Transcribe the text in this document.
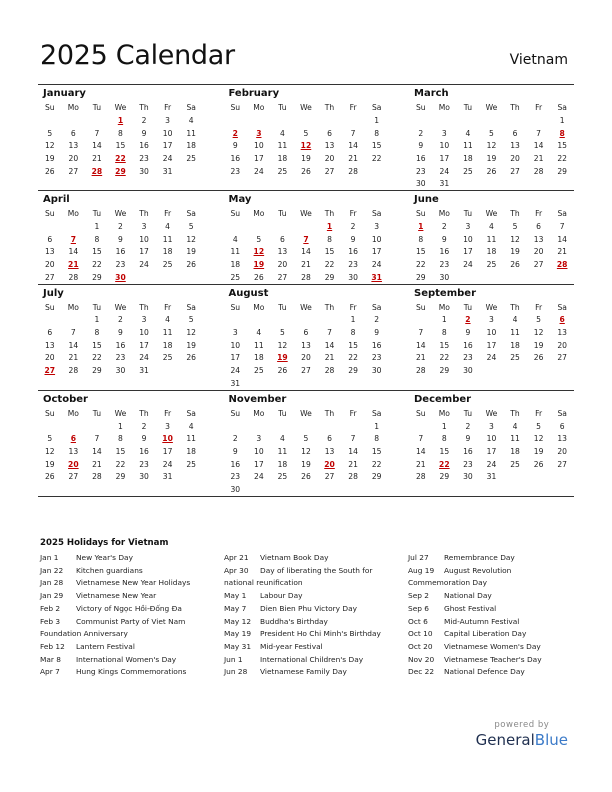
2025 Calendar	Vietnam
January
Su	Mo	Tu	We	Th	Fr	Sa
			1	2	3	4
5	6	7	8	9	10	11
12	13	14	15	16	17	18
19	20	21	22	23	24	25
26	27	28	29	30	31	
February
Su	Mo	Tu	We	Th	Fr	Sa
						1
2	3	4	5	6	7	8
9	10	11	12	13	14	15
16	17	18	19	20	21	22
23	24	25	26	27	28	
March
Su	Mo	Tu	We	Th	Fr	Sa
						1
2	3	4	5	6	7	8
9	10	11	12	13	14	15
16	17	18	19	20	21	22
23	24	25	26	27	28	29
30	31					
April
Su	Mo	Tu	We	Th	Fr	Sa
		1	2	3	4	5
6	7	8	9	10	11	12
13	14	15	16	17	18	19
20	21	22	23	24	25	26
27	28	29	30			
May
Su	Mo	Tu	We	Th	Fr	Sa
				1	2	3
4	5	6	7	8	9	10
11	12	13	14	15	16	17
18	19	20	21	22	23	24
25	26	27	28	29	30	31
June
Su	Mo	Tu	We	Th	Fr	Sa
1	2	3	4	5	6	7
8	9	10	11	12	13	14
15	16	17	18	19	20	21
22	23	24	25	26	27	28
29	30					
July
Su	Mo	Tu	We	Th	Fr	Sa
		1	2	3	4	5
6	7	8	9	10	11	12
13	14	15	16	17	18	19
20	21	22	23	24	25	26
27	28	29	30	31		
August
Su	Mo	Tu	We	Th	Fr	Sa
					1	2
3	4	5	6	7	8	9
10	11	12	13	14	15	16
17	18	19	20	21	22	23
24	25	26	27	28	29	30
31						
September
Su	Mo	Tu	We	Th	Fr	Sa
	1	2	3	4	5	6
7	8	9	10	11	12	13
14	15	16	17	18	19	20
21	22	23	24	25	26	27
28	29	30				
October
Su	Mo	Tu	We	Th	Fr	Sa
			1	2	3	4
5	6	7	8	9	10	11
12	13	14	15	16	17	18
19	20	21	22	23	24	25
26	27	28	29	30	31	
November
Su	Mo	Tu	We	Th	Fr	Sa
						1
2	3	4	5	6	7	8
9	10	11	12	13	14	15
16	17	18	19	20	21	22
23	24	25	26	27	28	29
30						
December
Su	Mo	Tu	We	Th	Fr	Sa
	1	2	3	4	5	6
7	8	9	10	11	12	13
14	15	16	17	18	19	20
21	22	23	24	25	26	27
28	29	30	31			
2025 Holidays for Vietnam
Jan 1	New Year's Day
Jan 22	Kitchen guardians
Jan 28	Vietnamese New Year Holidays
Jan 29	Vietnamese New Year
Feb 2	Victory of Ngọc Hồi-Đống Đa
Feb 3 Communist Party of Viet Nam Foundation Anniversary
Feb 12	Lantern Festival
Mar 8	International Women's Day
Apr 7	Hung Kings Commemorations
Apr 21	Vietnam Book Day
Apr 30 Day of liberating the South for national reunification
May 1	Labour Day
May 7	Dien Bien Phu Victory Day
May 12	Buddha's Birthday
May 19	President Ho Chi Minh's Birthday
May 31	Mid-year Festival
Jun 1	International Children's Day
Jun 28	Vietnamese Family Day
Jul 27	Remembrance Day
Aug 19 August Revolution Commemoration Day
Sep 2	National Day
Sep 6	Ghost Festival
Oct 6	Mid-Autumn Festival
Oct 10	Capital Liberation Day
Oct 20	Vietnamese Women's Day
Nov 20	Vietnamese Teacher's Day
Dec 22	National Defence Day
powered by
GeneralBlue
